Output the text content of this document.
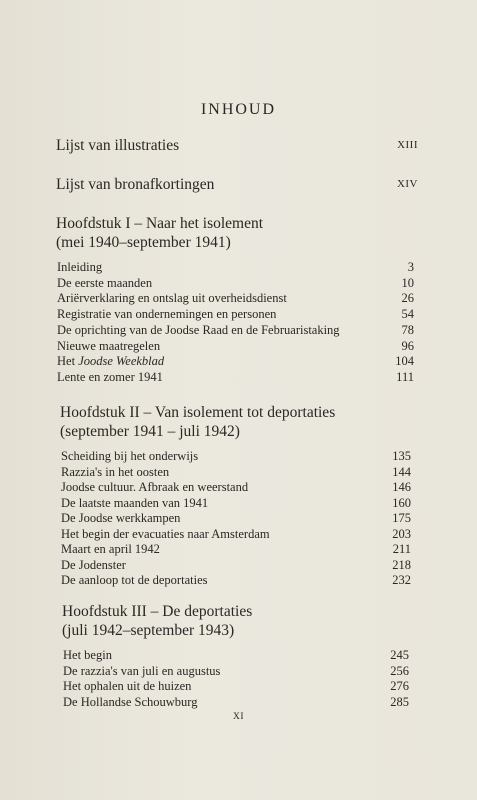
INHOUD
Lijst van illustraties	XIII
Lijst van bronafkortingen	XIV
Hoofdstuk I – Naar het isolement
(mei 1940–september 1941)
Inleiding	3
De eerste maanden	10
Ariërverklaring en ontslag uit overheidsdienst	26
Registratie van ondernemingen en personen	54
De oprichting van de Joodse Raad en de Februaristaking	78
Nieuwe maatregelen	96
Het Joodse Weekblad	104
Lente en zomer 1941	111
Hoofdstuk II – Van isolement tot deportaties
(september 1941 – juli 1942)
Scheiding bij het onderwijs	135
Razzia's in het oosten	144
Joodse cultuur. Afbraak en weerstand	146
De laatste maanden van 1941	160
De Joodse werkkampen	175
Het begin der evacuaties naar Amsterdam	203
Maart en april 1942	211
De Jodenster	218
De aanloop tot de deportaties	232
Hoofdstuk III – De deportaties
(juli 1942–september 1943)
Het begin	245
De razzia's van juli en augustus	256
Het ophalen uit de huizen	276
De Hollandse Schouwburg	285
XI
